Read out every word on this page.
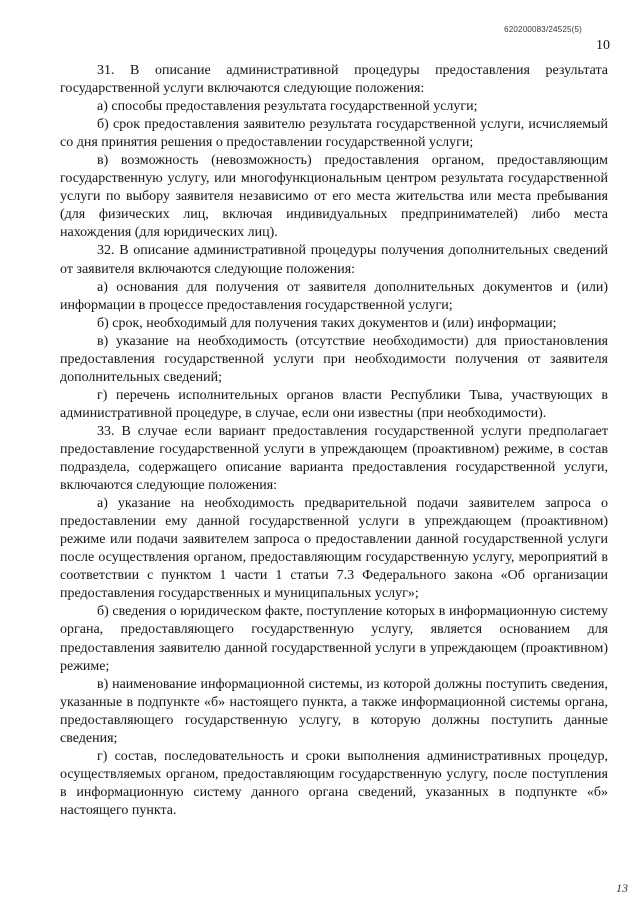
620200083/24525(5)
10

31. В описание административной процедуры предоставления результата государственной услуги включаются следующие положения:

а) способы предоставления результата государственной услуги;

б) срок предоставления заявителю результата государственной услуги, исчисляемый со дня принятия решения о предоставлении государственной услуги;

в) возможность (невозможность) предоставления органом, предоставляющим государственную услугу, или многофункциональным центром результата государственной услуги по выбору заявителя независимо от его места жительства или места пребывания (для физических лиц, включая индивидуальных предпринимателей) либо места нахождения (для юридических лиц).

32. В описание административной процедуры получения дополнительных сведений от заявителя включаются следующие положения:

а) основания для получения от заявителя дополнительных документов и (или) информации в процессе предоставления государственной услуги;

б) срок, необходимый для получения таких документов и (или) информации;

в) указание на необходимость (отсутствие необходимости) для приостановления предоставления государственной услуги при необходимости получения от заявителя дополнительных сведений;

г) перечень исполнительных органов власти Республики Тыва, участвующих в административной процедуре, в случае, если они известны (при необходимости).

33. В случае если вариант предоставления государственной услуги предполагает предоставление государственной услуги в упреждающем (проактивном) режиме, в состав подраздела, содержащего описание варианта предоставления государственной услуги, включаются следующие положения:

а) указание на необходимость предварительной подачи заявителем запроса о предоставлении ему данной государственной услуги в упреждающем (проактивном) режиме или подачи заявителем запроса о предоставлении данной государственной услуги после осуществления органом, предоставляющим государственную услугу, мероприятий в соответствии с пунктом 1 части 1 статьи 7.3 Федерального закона «Об организации предоставления государственных и муниципальных услуг»;

б) сведения о юридическом факте, поступление которых в информационную систему органа, предоставляющего государственную услугу, является основанием для предоставления заявителю данной государственной услуги в упреждающем (проактивном) режиме;

в) наименование информационной системы, из которой должны поступить сведения, указанные в подпункте «б» настоящего пункта, а также информационной системы органа, предоставляющего государственную услугу, в которую должны поступить данные сведения;

г) состав, последовательность и сроки выполнения административных процедур, осуществляемых органом, предоставляющим государственную услугу, после поступления в информационную систему данного органа сведений, указанных в подпункте «б» настоящего пункта.

13
